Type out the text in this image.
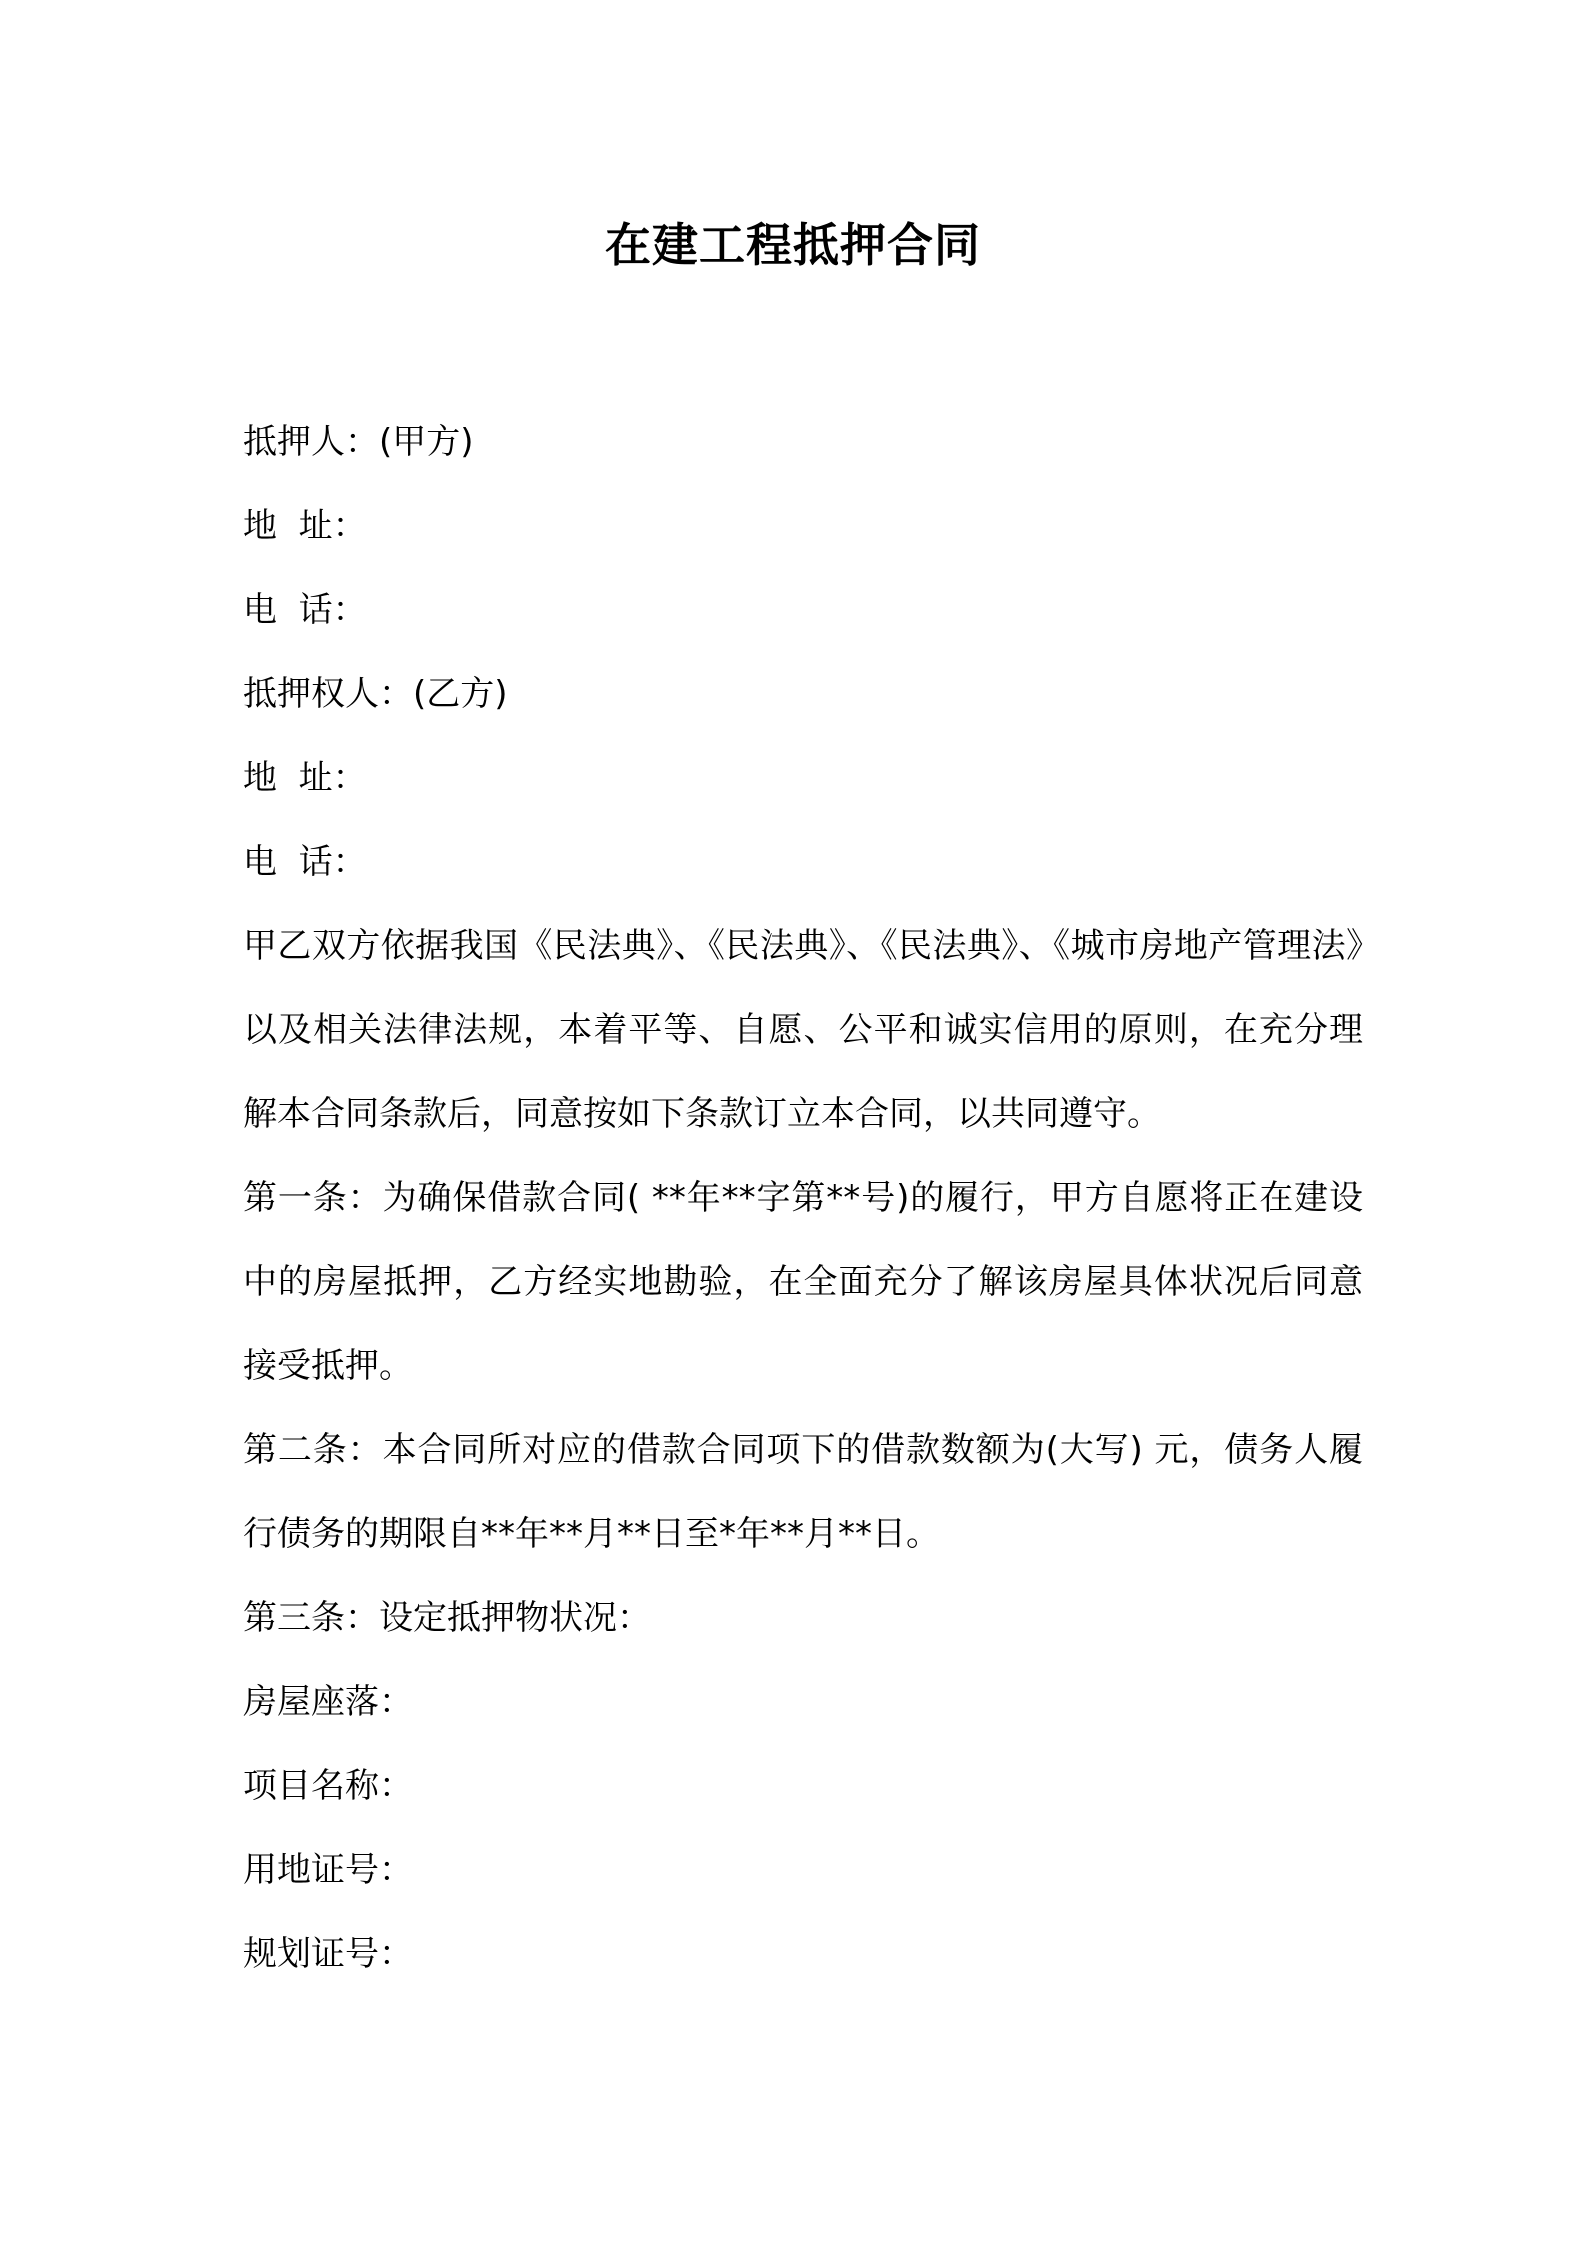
在建工程抵押合同
抵押人：(甲方)
地  址：
电  话：
抵押权人：(乙方)
地  址：
电  话：
甲乙双方依据我国《民法典》、《民法典》、《民法典》、《城市房地产管理法》以及相关法律法规，本着平等、自愿、公平和诚实信用的原则，在充分理解本合同条款后，同意按如下条款订立本合同，以共同遵守。
第一条：为确保借款合同( **年**字第**号)的履行，甲方自愿将正在建设中的房屋抵押，乙方经实地勘验，在全面充分了解该房屋具体状况后同意接受抵押。
第二条：本合同所对应的借款合同项下的借款数额为(大写) 元，债务人履行债务的期限自**年**月**日至*年**月**日。
第三条：设定抵押物状况：
房屋座落：
项目名称：
用地证号：
规划证号：
